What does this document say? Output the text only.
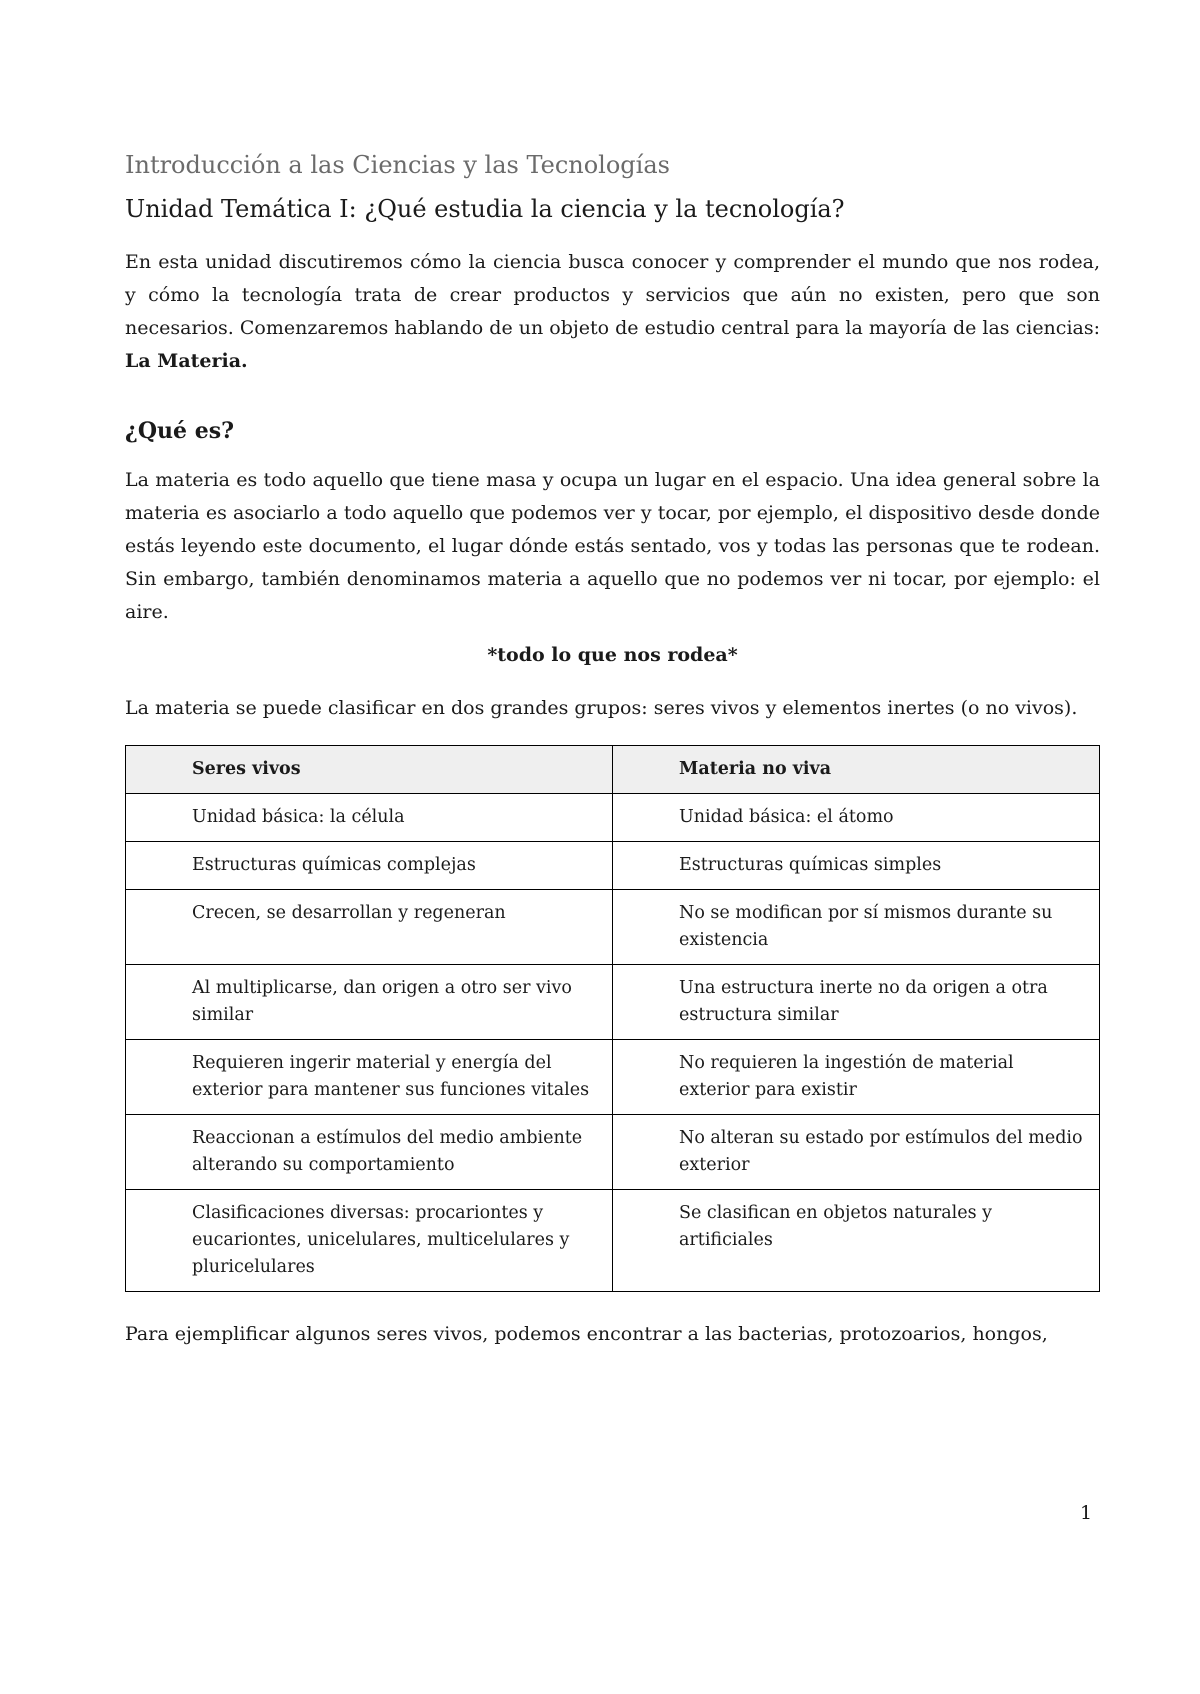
Introducción a las Ciencias y las Tecnologías
Unidad Temática I: ¿Qué estudia la ciencia y la tecnología?

En esta unidad discutiremos cómo la ciencia busca conocer y comprender el mundo que nos rodea, y cómo la tecnología trata de crear productos y servicios que aún no existen, pero que son necesarios. Comenzaremos hablando de un objeto de estudio central para la mayoría de las ciencias: La Materia.

¿Qué es?

La materia es todo aquello que tiene masa y ocupa un lugar en el espacio. Una idea general sobre la materia es asociarlo a todo aquello que podemos ver y tocar, por ejemplo, el dispositivo desde donde estás leyendo este documento, el lugar dónde estás sentado, vos y todas las personas que te rodean. Sin embargo, también denominamos materia a aquello que no podemos ver ni tocar, por ejemplo: el aire.

*todo lo que nos rodea*

La materia se puede clasificar en dos grandes grupos: seres vivos y elementos inertes (o no vivos).

Seres vivos	Materia no viva
Unidad básica: la célula	Unidad básica: el átomo
Estructuras químicas complejas	Estructuras químicas simples
Crecen, se desarrollan y regeneran	No se modifican por sí mismos durante su existencia
Al multiplicarse, dan origen a otro ser vivo similar	Una estructura inerte no da origen a otra estructura similar
Requieren ingerir material y energía del exterior para mantener sus funciones vitales	No requieren la ingestión de material exterior para existir
Reaccionan a estímulos del medio ambiente alterando su comportamiento	No alteran su estado por estímulos del medio exterior
Clasificaciones diversas: procariontes y eucariontes, unicelulares, multicelulares y pluricelulares	Se clasifican en objetos naturales y artificiales

Para ejemplificar algunos seres vivos, podemos encontrar a las bacterias, protozoarios, hongos,

1
